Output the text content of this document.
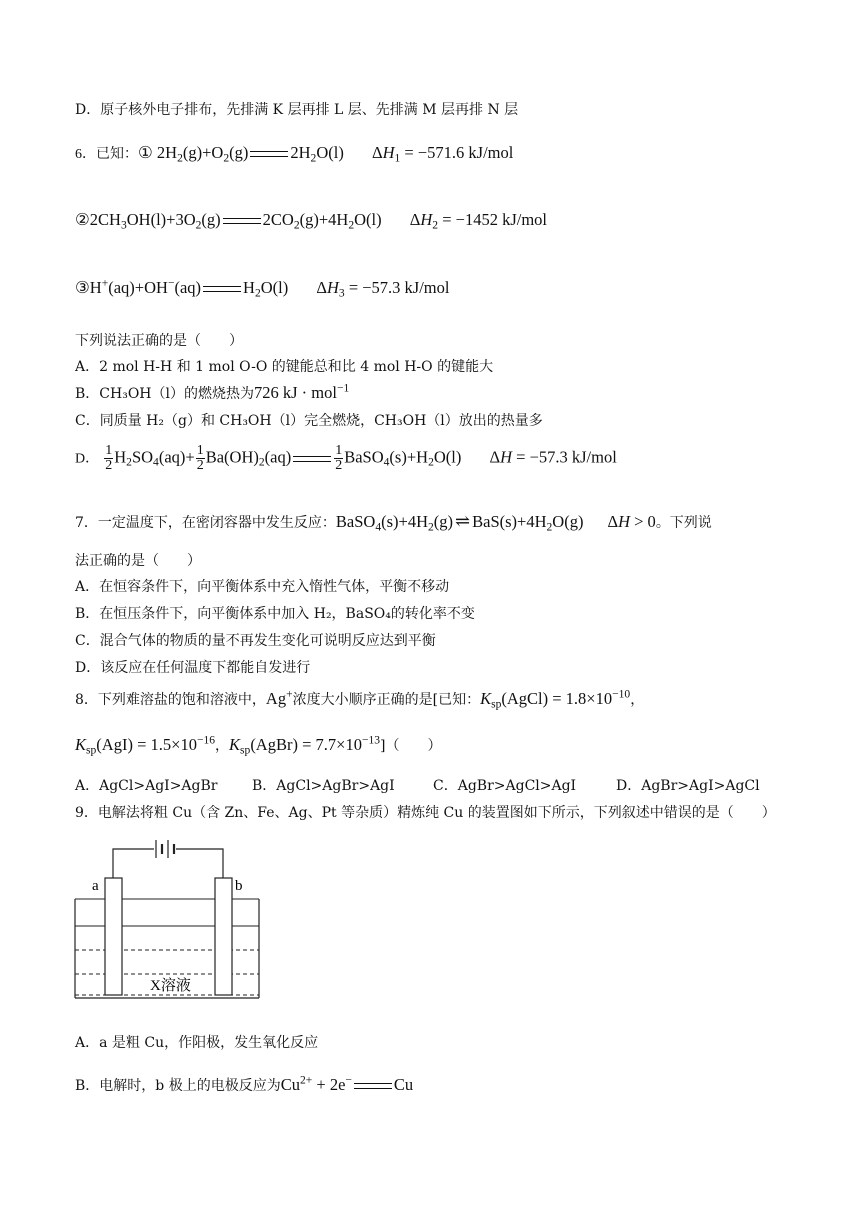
D．原子核外电子排布，先排满 K 层再排 L 层、先排满 M 层再排 N 层
6．已知：① $2H_2(g)+O_2(g)$	$2H_2O(l) \Delta H_1 = -571.6$ kJ/mol
$②2CH_3OH(l)+3O_2(g)$	$2CO_2(g)+4H_2O(l) \Delta H_2 = -1452$ kJ/mol
③H+(aq)+OH−(aq)	$H_2O(l) \Delta H_3 = -57.3$ kJ/mol
下列说法正确的是（　　）
A．2 mol H-H 和 1 mol O-O 的键能总和比 4 mol H-O 的键能大
B．CH₃OH（l）的燃烧热为726 kJ · mol$^{-1}$
C．同质量 H₂（g）和 CH₃OH（l）完全燃烧，CH₃OH（l）放出的热量多
D． $\frac{1}{2} H_2SO_4(aq)+ \frac{1}{2} Ba(OH)_2(aq)$	$\frac{1}{2}$ $BaSO_4(s)+H_2O(l) \Delta H = -57.3$ kJ/mol
7．一定温度下，在密闭容器中发生反应：$BaSO_4(s)+4H_2(g)$ ⇌ $BaS(s)+4H_2O(g) \Delta H > 0$。下列说
法正确的是（　　）
A．在恒容条件下，向平衡体系中充入惰性气体，平衡不移动
B．在恒压条件下，向平衡体系中加入 H₂，BaSO₄的转化率不变
C．混合气体的物质的量不再发生变化可说明反应达到平衡
D．该反应在任何温度下都能自发进行
8．下列难溶盐的饱和溶液中，Ag+浓度大小顺序正确的是[已知：$K_{sp}(AgCl) = 1.8\times 10^{-10}$，
$K_{sp}(AgI) = 1.5\times 10^{-16}$，$K_{sp}(AgBr) = 7.7\times 10^{-13}$]（　　）
A．AgCl>AgI>AgBr B．AgCl>AgBr>AgI	C．AgBr>AgCl>AgI	D．AgBr>AgI>AgCl
9．电解法将粗 Cu（含 Zn、Fe、Ag、Pt 等杂质）精炼纯 Cu 的装置图如下所示，下列叙述中错误的是（　　）
a	b
X溶液
A．a 是粗 Cu，作阳极，发生氧化反应
B．电解时，b 极上的电极反应为$Cu^{2+} + 2e^-$	Cu
